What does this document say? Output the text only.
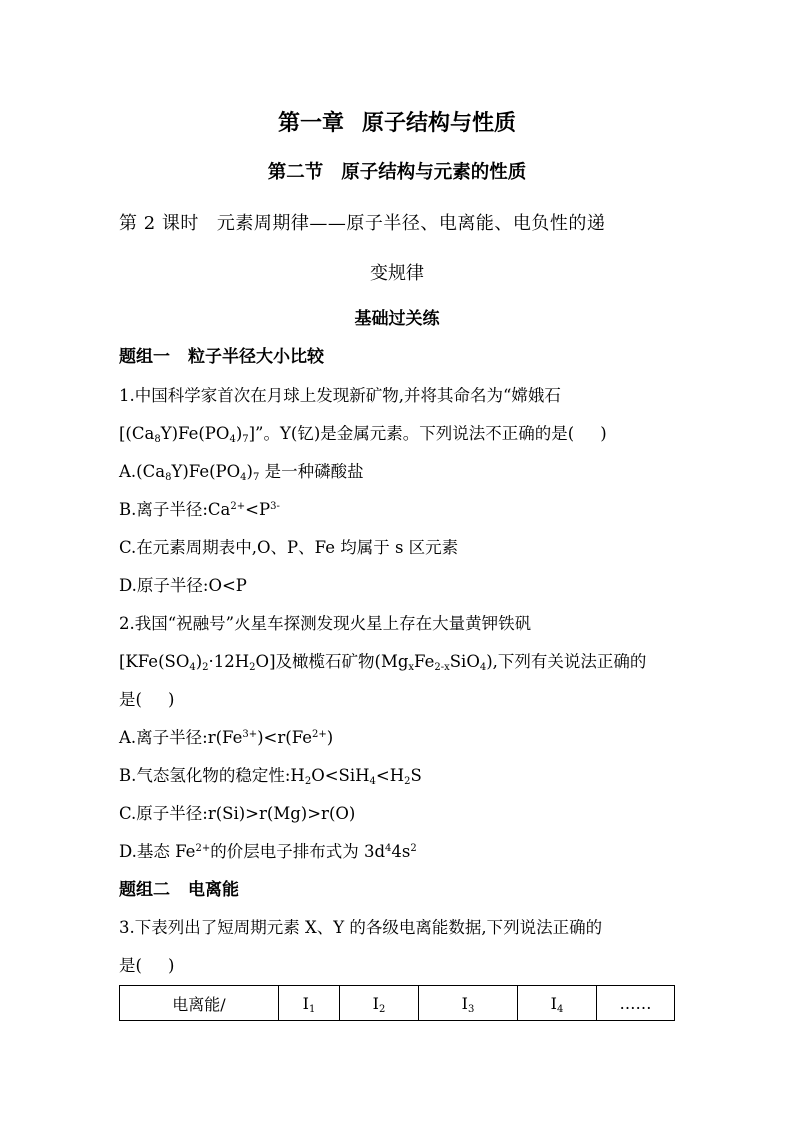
第一章 原子结构与性质
第二节 原子结构与元素的性质
第 2 课时 元素周期律——原子半径、电离能、电负性的递
变规律
基础过关练
题组一 粒子半径大小比较
1.中国科学家首次在月球上发现新矿物,并将其命名为“嫦娥石
$[(Ca_8Y)Fe(PO_4)_7]$”。Y(钇)是金属元素。下列说法不正确的是( )
$A.(Ca_8Y)Fe(PO_4)_7$ 是一种磷酸盐
B.离子半径$:Ca^{2+}<P^{3-}$
C.在元素周期表中,O、P、Fe 均属于 s 区元素
D.原子半径:O<P
2.我国“祝融号”火星车探测发现火星上存在大量黄钾铁矾
$[KFe(SO_4)_2\cdot 12H_2O]$及橄榄石矿物$(Mg_xFe_{2-x}SiO_4)$,下列有关说法正确的
是( )
A.离子半径$:r(Fe^{3+})<r(Fe^{2+})$
B.气态氢化物的稳定性$:H_2O<SiH_4<H_2S$
C.原子半径:r(Si)>r(Mg)>r(O)
D.基态 $Fe^{2+}$的价层电子排布式为 $3d^44s^2$
题组二 电离能
3.下表列出了短周期元素 X、Y 的各级电离能数据,下列说法正确的
是( )
电离能/	$I_1$	$I_2$	$I_3$	$I_4$	……
